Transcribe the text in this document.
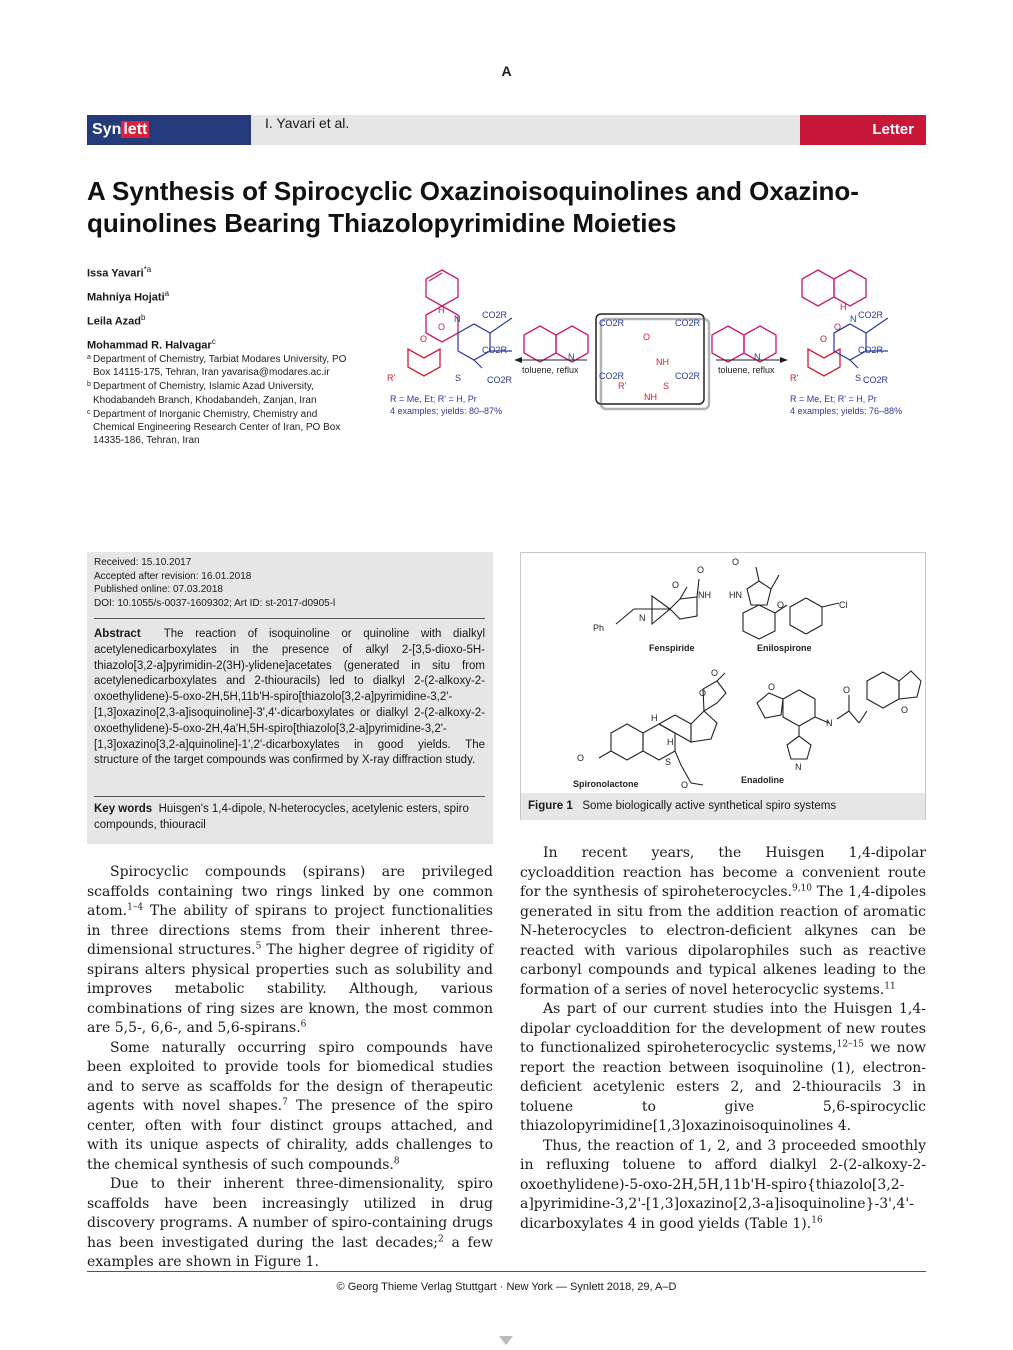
A
Syn lett	I. Yavari et al.	Letter
A Synthesis of Spirocyclic Oxazinoisoquinolines and Oxazino-
quinolines Bearing Thiazolopyrimidine Moieties
Issa Yavari$^{*a}$
Mahniya Hojati$^a$
Leila Azad$^b$
Mohammad R. Halvagar$^c$
a Department of Chemistry, Tarbiat Modares University, PO Box 14115-175, Tehran, Iran yavarisa@modares.ac.ir
b Department of Chemistry, Islamic Azad University, Khodabandeh Branch, Khodabandeh, Zanjan, Iran
c Department of Inorganic Chemistry, Chemistry and Chemical Engineering Research Center of Iran, PO Box 14335-186, Tehran, Iran
CO2R
CO2R
CO2R
CO2R
CO2R
CO2R
CO2R	CO2R
CO2R	CO2R
N
O
H
S
N
O
H
S
N	N
O	O
R'	R'
O
NH
NH
S
R'
toluene, reflux	toluene, reflux
R = Me, Et; R' = H, Pr
4 examples; yields: 80–87%
R = Me, Et; R' = H, Pr
4 examples; yields: 76–88%
Received: 15.10.2017
Accepted after revision: 16.01.2018
Published online: 07.03.2018
DOI: 10.1055/s-0037-1609302; Art ID: st-2017-d0905-l
Abstract The reaction of isoquinoline or quinoline with dialkyl acetylenedicarboxylates in the presence of alkyl 2-[3,5-dioxo-5H-thiazolo[3,2-a]pyrimidin-2(3H)-ylidene]acetates (generated in situ from acetylenedicarboxylates and 2-thiouracils) led to dialkyl 2-(2-alkoxy-2-oxoethylidene)-5-oxo-2H,5H,11b'H-spiro[thiazolo[3,2-a]pyrimidine-3,2'-[1,3]oxazino[2,3-a]isoquinoline]-3',4'-dicarboxylates or dialkyl 2-(2-alkoxy-2-oxoethylidene)-5-oxo-2H,4a'H,5H-spiro[thiazolo[3,2-a]pyrimidine-3,2'-[1,3]oxazino[3,2-a]quinoline]-1',2'-dicarboxylates in good yields. The structure of the target compounds was confirmed by X-ray diffraction study.
Key words Huisgen's 1,4-dipole, N-heterocycles, acetylenic esters, spiro compounds, thiouracil
O
O
NH
N
Ph
O
HN
O	Cl
O
O
H
H
O	S
O
O
N
N
O
O
Fenspiride	Enilospirone
Spironolactone	Enadoline
Figure 1 Some biologically active synthetical spiro systems

Spirocyclic compounds (spirans) are privileged scaffolds containing two rings linked by one common atom.$^{1-4}$ The ability of spirans to project functionalities in three directions stems from their inherent three-dimensional structures.$^5$ The higher degree of rigidity of spirans alters physical properties such as solubility and improves metabolic stability. Although, various combinations of ring sizes are known, the most common are 5,5-, 6,6-, and 5,6-spirans.$^6$

Some naturally occurring spiro compounds have been exploited to provide tools for biomedical studies and to serve as scaffolds for the design of therapeutic agents with novel shapes.$^7$ The presence of the spiro center, often with four distinct groups attached, and with its unique aspects of chirality, adds challenges to the chemical synthesis of such compounds.$^8$

Due to their inherent three-dimensionality, spiro scaffolds have been increasingly utilized in drug discovery programs. A number of spiro-containing drugs has been investigated during the last decades;$^2$ a few examples are shown in Figure 1.

In recent years, the Huisgen 1,4-dipolar cycloaddition reaction has become a convenient route for the synthesis of spiroheterocycles.$^{9,10}$ The 1,4-dipoles generated in situ from the addition reaction of aromatic N-heterocycles to electron-deficient alkynes can be reacted with various dipolarophiles such as reactive carbonyl compounds and typical alkenes leading to the formation of a series of novel heterocyclic systems.$^{11}$

As part of our current studies into the Huisgen 1,4-dipolar cycloaddition for the development of new routes to functionalized spiroheterocyclic systems,$^{12-15}$ we now report the reaction between isoquinoline (1), electron-deficient acetylenic esters 2, and 2-thiouracils 3 in toluene to give 5,6-spirocyclic thiazolopyrimidine[1,3]oxazinoisoquinolines 4.

Thus, the reaction of 1, 2, and 3 proceeded smoothly in refluxing toluene to afford dialkyl 2-(2-alkoxy-2-oxoethylidene)-5-oxo-2H,5H,11b'H-spiro{thiazolo[3,2-a]pyrimidine-3,2'-[1,3]oxazino[2,3-a]isoquinoline}-3',4'-dicarboxylates 4 in good yields (Table 1).$^{16}$

© Georg Thieme Verlag Stuttgart · New York — Synlett 2018, 29, A–D
